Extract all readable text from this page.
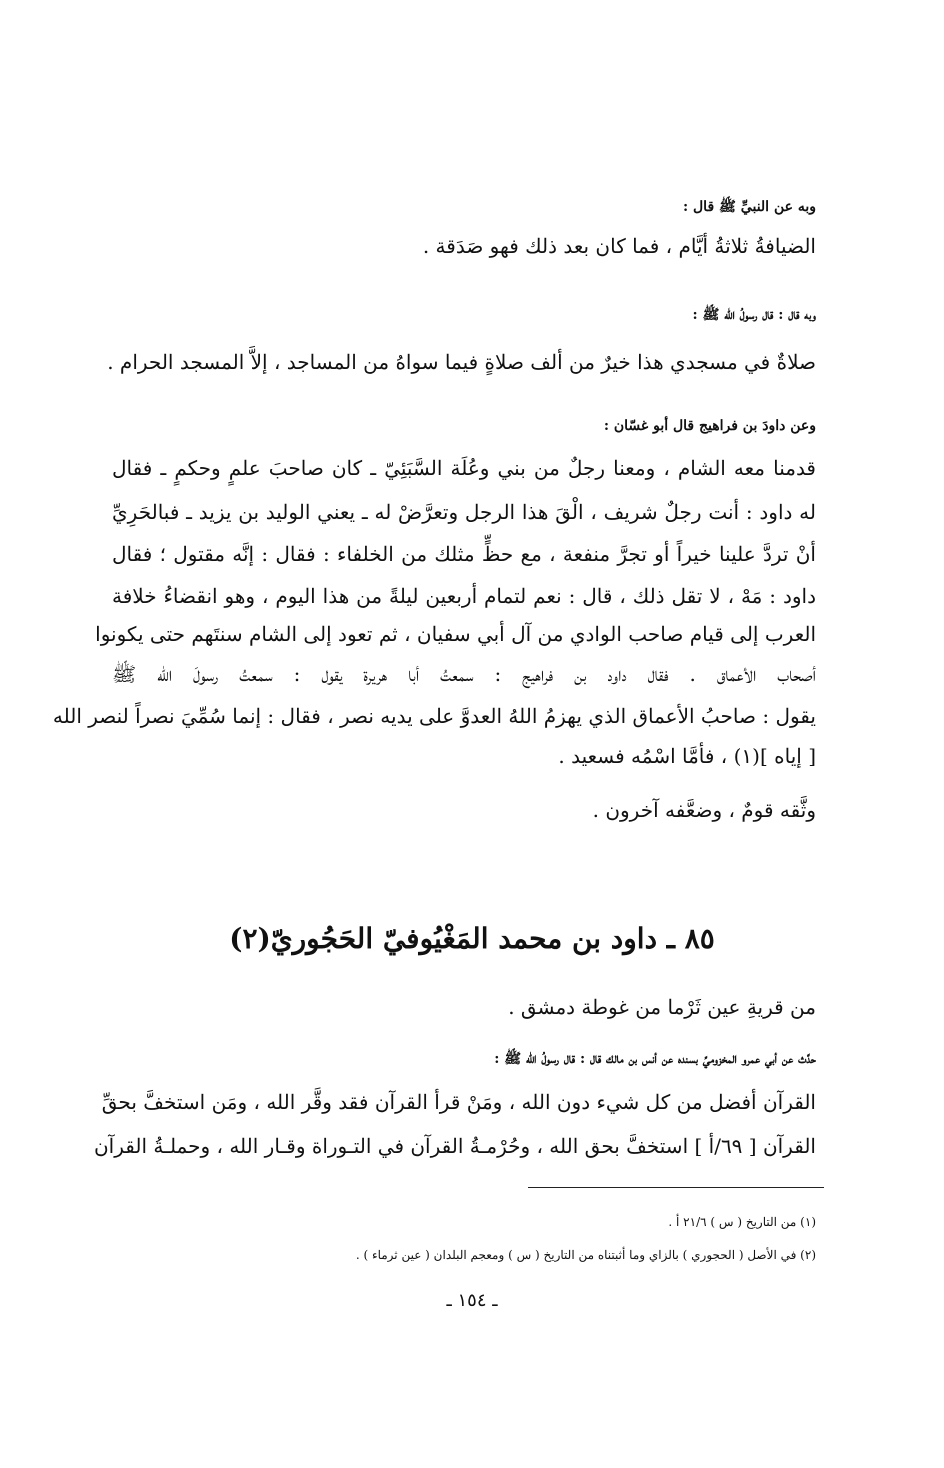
وبه عن النبيِّ ﷺ قال :
الضيافةُ ثلاثةُ أيَّام ، فما كان بعد ذلك فهو صَدَقة .
وبه قال : قال رسولُ الله ﷺ :
صلاةٌ في مسجدي هذا خيرٌ من ألف صلاةٍ فيما سواهُ من المساجد ، إلاَّ المسجد الحرام .
وعن داودَ بن فراهيج قال أبو غسّان :
قدمنا معه الشام ، ومعنا رجلٌ من بني وعُلَة السَّبَئِيّ ـ كان صاحبَ علمٍ وحكمٍ ـ فقال
له داود : أنت رجلٌ شريف ، الْقَ هذا الرجل وتعرَّضْ له ـ يعني الوليد بن يزيد ـ فبالحَرِيِّ
أنْ تردَّ علينا خيراً أو تجرَّ منفعة ، مع حظٍّ مثلك من الخلفاء : فقال : إنَّه مقتول ؛ فقال
داود : مَهْ ، لا تقل ذلك ، قال : نعم لتمام أربعين ليلةً من هذا اليوم ، وهو انقضاءُ خلافة
العرب إلى قيام صاحب الوادي من آل أبي سفيان ، ثم تعود إلى الشام سنتَهم حتى يكونوا
أصحاب الأعماق . فقال داود بن فراهيج : سمعتُ أبا هريرة يقول : سمعتُ رسولَ الله ﷺ
يقول : صاحبُ الأعماق الذي يهزمُ اللهُ العدوَّ على يديه نصر ، فقال : إنما سُمِّيَ نصراً لنصر الله
[ إياه ](١) ، فأمَّا اسْمُه فسعيد .
وثَّقه قومٌ ، وضعَّفه آخرون .
٨٥ ـ داود بن محمد المَغْيُوفيّ الحَجُوريّ(٢)
من قريةِ عين ثَرْما من غوطة دمشق .
حدَّث عن أبي عمرو المخزوميِّ بسنده عن أنس بن مالك قال : قال رسولُ الله ﷺ :
القرآن أفضل من كل شيء دون الله ، ومَنْ قرأ القرآن فقد وقَّر الله ، ومَن استخفَّ بحقِّ
القرآن [ ٦٩/أ ] استخفَّ بحق الله ، وحُرْمـةُ القرآن في التـوراة وقـار الله ، وحملـةُ القرآن
(١) من التاريخ ( س ) ٢١/٦ أ .
(٢) في الأصل ( الحجوري ) بالزاي وما أثبتناه من التاريخ ( س ) ومعجم البلدان ( عين ثرماء ) .
ـ ١٥٤ ـ
